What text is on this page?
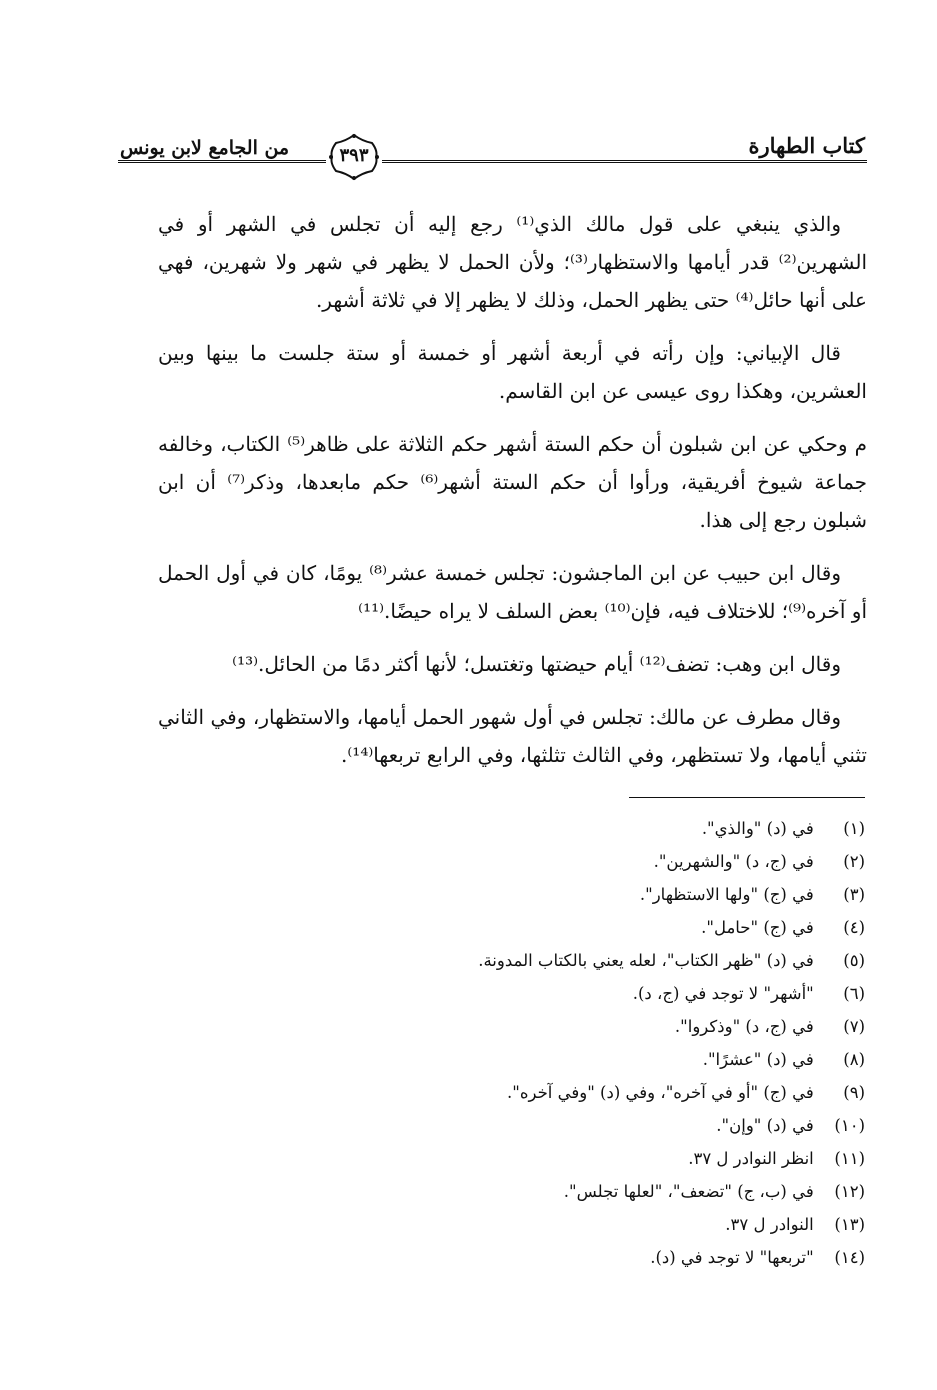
كتاب الطهارة
٣٩٣
من الجامع لابن يونس

والذي ينبغي على قول مالك الذي⁽¹⁾ رجع إليه أن تجلس في الشهر أو في الشهرين⁽²⁾ قدر أيامها والاستظهار⁽³⁾؛ ولأن الحمل لا يظهر في شهر ولا شهرين، فهي على أنها حائل⁽⁴⁾ حتى يظهر الحمل، وذلك لا يظهر إلا في ثلاثة أشهر.

قال الإبياني: وإن رأته في أربعة أشهر أو خمسة أو ستة جلست ما بينها وبين العشرين، وهكذا روى عيسى عن ابن القاسم.

م وحكي عن ابن شبلون أن حكم الستة أشهر حكم الثلاثة على ظاهر⁽⁵⁾ الكتاب، وخالفه جماعة شيوخ أفريقية، ورأوا أن حكم الستة أشهر⁽⁶⁾ حكم مابعدها، وذكر⁽⁷⁾ أن ابن شبلون رجع إلى هذا.

وقال ابن حبيب عن ابن الماجشون: تجلس خمسة عشر⁽⁸⁾ يومًا، كان في أول الحمل أو آخره⁽⁹⁾؛ للاختلاف فيه، فإن⁽¹⁰⁾ بعض السلف لا يراه حيضًا.⁽¹¹⁾

وقال ابن وهب: تضف⁽¹²⁾ أيام حيضتها وتغتسل؛ لأنها أكثر دمًا من الحائل.⁽¹³⁾

وقال مطرف عن مالك: تجلس في أول شهور الحمل أيامها، والاستظهار، وفي الثاني تثني أيامها، ولا تستظهر، وفي الثالث تثلثها، وفي الرابع تربعها⁽¹⁴⁾.

(١) في (د) "والذي".
(٢) في (ج، د) "والشهرين".
(٣) في (ج) "ولها الاستظهار".
(٤) في (ج) "حامل".
(٥) في (د) "ظهر الكتاب"، لعله يعني بالكتاب المدونة.
(٦) "أشهر" لا توجد في (ج، د).
(٧) في (ج، د) "وذكروا".
(٨) في (د) "عشرًا".
(٩) في (ج) "أو في آخره"، وفي (د) "وفي آخره".
(١٠) في (د) "وإن".
(١١) انظر النوادر ل ٣٧.
(١٢) في (ب، ج) "تضعف"، "لعلها تجلس".
(١٣) النوادر ل ٣٧.
(١٤) "تربعها" لا توجد في (د).
